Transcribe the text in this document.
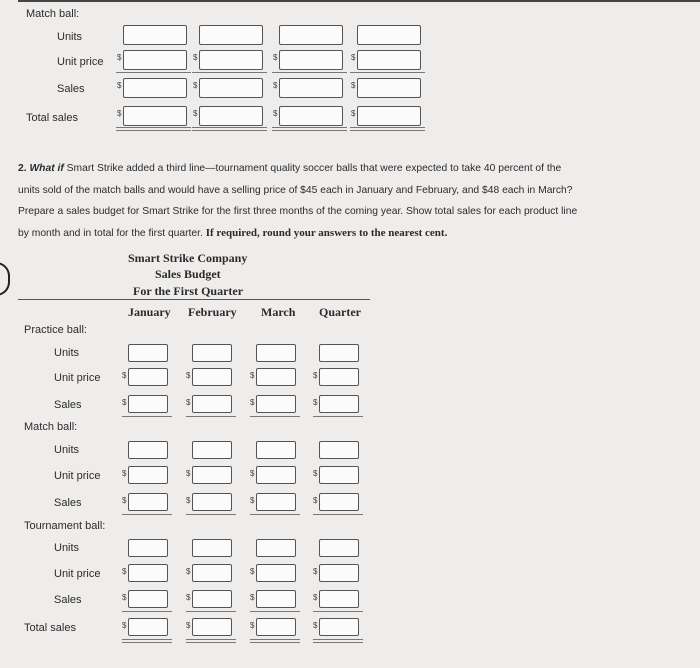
Match ball:
Units
Unit price
Sales
Total sales
$
$
$
$
$
$
$
$
$
$
$
$
2. What if Smart Strike added a third line—tournament quality soccer balls that were expected to take 40 percent of the
units sold of the match balls and would have a selling price of $45 each in January and February, and $48 each in March?
Prepare a sales budget for Smart Strike for the first three months of the coming year. Show total sales for each product line
by month and in total for the first quarter. If required, round your answers to the nearest cent.
Smart Strike Company
Sales Budget
For the First Quarter
January February March Quarter
Practice ball:
Units
Unit price
Sales
Match ball:
Units
Unit price
Sales
Tournament ball:
Units
Unit price
Sales
Total sales
$
$
$
$
$
$
$
$
$
$
$
$
$
$
$
$
$
$
$
$
$
$
$
$
$
$
$
$
